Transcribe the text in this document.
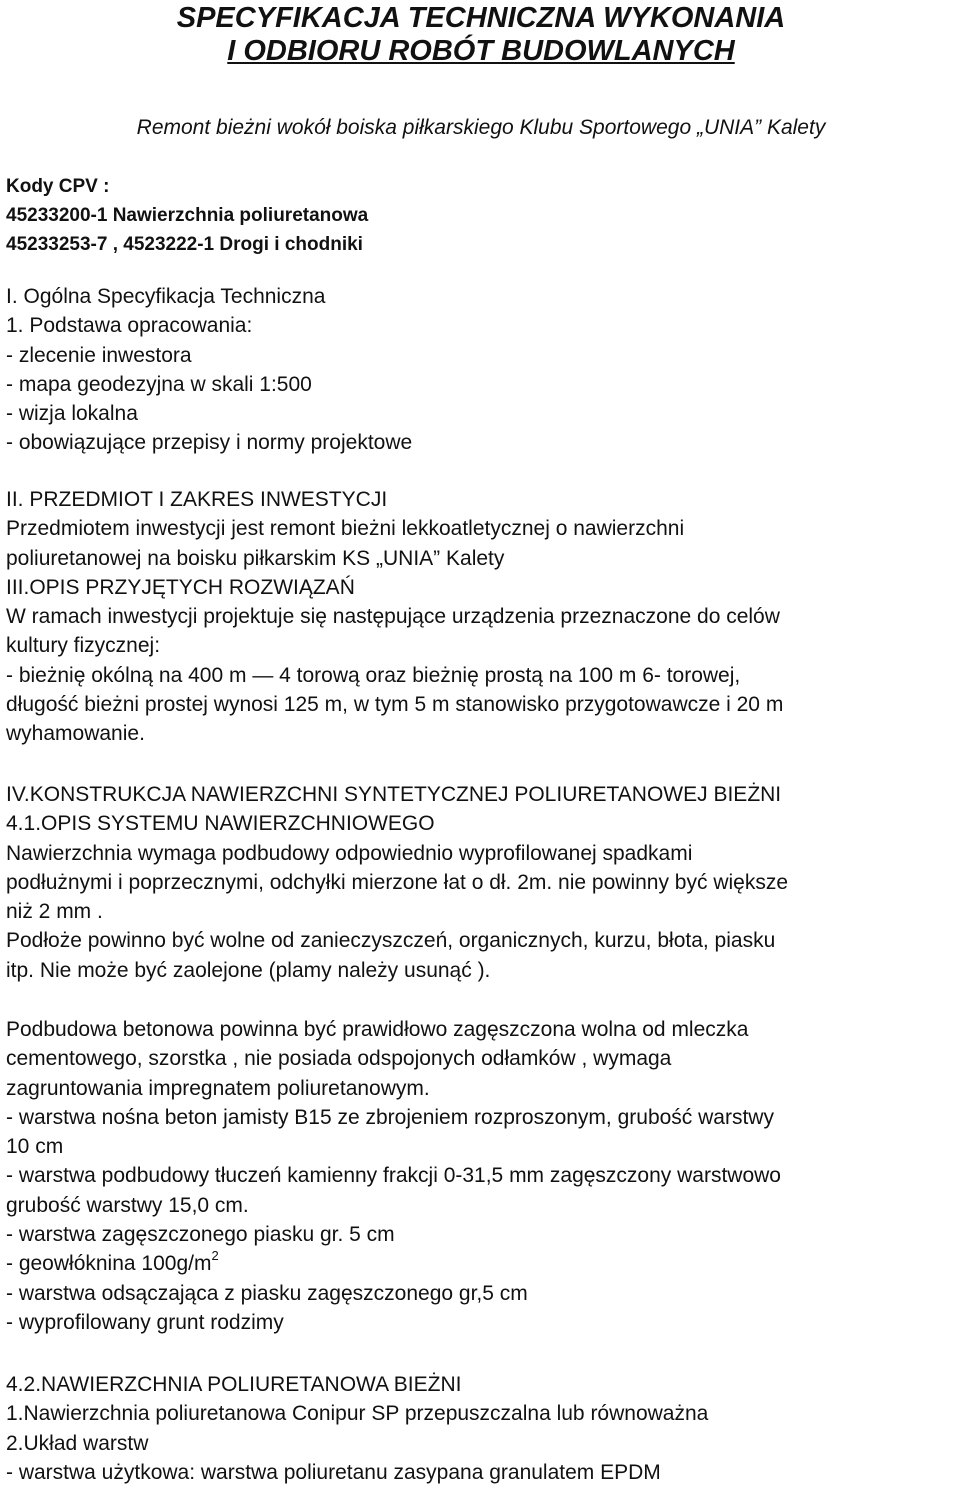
SPECYFIKACJA TECHNICZNA WYKONANIA
I ODBIORU ROBÓT BUDOWLANYCH

Remont bieżni wokół boiska piłkarskiego Klubu Sportowego „UNIA” Kalety

Kody CPV :
45233200-1 Nawierzchnia poliuretanowa
45233253-7 , 4523222-1 Drogi i chodniki
I. Ogólna Specyfikacja Techniczna
1. Podstawa opracowania:
- zlecenie inwestora
- mapa geodezyjna w skali 1:500
- wizja lokalna
- obowiązujące przepisy i normy projektowe
II. PRZEDMIOT I ZAKRES INWESTYCJI
Przedmiotem inwestycji jest remont bieżni lekkoatletycznej o nawierzchni
poliuretanowej na boisku piłkarskim KS „UNIA” Kalety
III.OPIS PRZYJĘTYCH ROZWIĄZAŃ
W ramach inwestycji projektuje się następujące urządzenia przeznaczone do celów
kultury fizycznej:
- bieżnię okólną na 400 m — 4 torową oraz bieżnię prostą na 100 m 6- torowej,
długość bieżni prostej wynosi 125 m, w tym 5 m stanowisko przygotowawcze i 20 m
wyhamowanie.
IV.KONSTRUKCJA NAWIERZCHNI SYNTETYCZNEJ POLIURETANOWEJ BIEŻNI
4.1.OPIS SYSTEMU NAWIERZCHNIOWEGO
Nawierzchnia wymaga podbudowy odpowiednio wyprofilowanej spadkami
podłużnymi i poprzecznymi, odchyłki mierzone łat o dł. 2m. nie powinny być większe
niż 2 mm .
Podłoże powinno być wolne od zanieczyszczeń, organicznych, kurzu, błota, piasku
itp. Nie może być zaolejone (plamy należy usunąć ).
Podbudowa betonowa powinna być prawidłowo zagęszczona wolna od mleczka
cementowego, szorstka , nie posiada odspojonych odłamków , wymaga
zagruntowania impregnatem poliuretanowym.
- warstwa nośna beton jamisty B15 ze zbrojeniem rozproszonym, grubość warstwy
10 cm
- warstwa podbudowy tłuczeń kamienny frakcji 0-31,5 mm zagęszczony warstwowo
grubość warstwy 15,0 cm.
- warstwa zagęszczonego piasku gr. 5 cm
- geowłóknina $100g/m^2$
- warstwa odsączająca z piasku zagęszczonego gr,5 cm
- wyprofilowany grunt rodzimy
4.2.NAWIERZCHNIA POLIURETANOWA BIEŻNI
1.Nawierzchnia poliuretanowa Conipur SP przepuszczalna lub równoważna
2.Układ warstw
- warstwa użytkowa: warstwa poliuretanu zasypana granulatem EPDM
